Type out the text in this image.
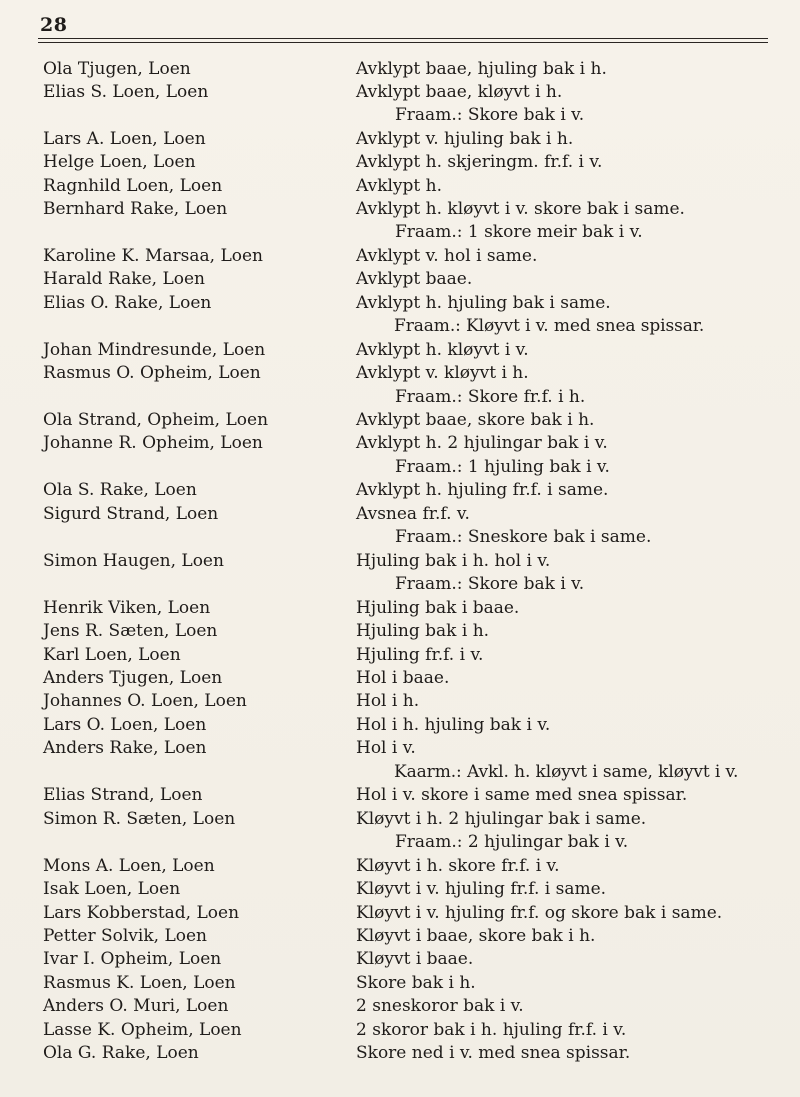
28
Ola Tjugen, Loen	Avklypt baae, hjuling bak i h.
Elias S. Loen, Loen	Avklypt baae, kløyvt i h.
Fraam.: Skore bak i v.
Lars A. Loen, Loen	Avklypt v. hjuling bak i h.
Helge Loen, Loen	Avklypt h. skjeringm. fr.f. i v.
Ragnhild Loen, Loen	Avklypt h.
Bernhard Rake, Loen	Avklypt h. kløyvt i v. skore bak i same.
Fraam.: 1 skore meir bak i v.
Karoline K. Marsaa, Loen	Avklypt v. hol i same.
Harald Rake, Loen	Avklypt baae.
Elias O. Rake, Loen	Avklypt h. hjuling bak i same.
Fraam.: Kløyvt i v. med snea spissar.
Johan Mindresunde, Loen	Avklypt h. kløyvt i v.
Rasmus O. Opheim, Loen	Avklypt v. kløyvt i h.
Fraam.: Skore fr.f. i h.
Ola Strand, Opheim, Loen	Avklypt baae, skore bak i h.
Johanne R. Opheim, Loen	Avklypt h. 2 hjulingar bak i v.
Fraam.: 1 hjuling bak i v.
Ola S. Rake, Loen	Avklypt h. hjuling fr.f. i same.
Sigurd Strand, Loen	Avsnea fr.f. v.
Fraam.: Sneskore bak i same.
Simon Haugen, Loen	Hjuling bak i h. hol i v.
Fraam.: Skore bak i v.
Henrik Viken, Loen	Hjuling bak i baae.
Jens R. Sæten, Loen	Hjuling bak i h.
Karl Loen, Loen	Hjuling fr.f. i v.
Anders Tjugen, Loen	Hol i baae.
Johannes O. Loen, Loen	Hol i h.
Lars O. Loen, Loen	Hol i h. hjuling bak i v.
Anders Rake, Loen	Hol i v.
Kaarm.: Avkl. h. kløyvt i same, kløyvt i v.
Elias Strand, Loen	Hol i v. skore i same med snea spissar.
Simon R. Sæten, Loen	Kløyvt i h. 2 hjulingar bak i same.
Fraam.: 2 hjulingar bak i v.
Mons A. Loen, Loen	Kløyvt i h. skore fr.f. i v.
Isak Loen, Loen	Kløyvt i v. hjuling fr.f. i same.
Lars Kobberstad, Loen	Kløyvt i v. hjuling fr.f. og skore bak i same.
Petter Solvik, Loen	Kløyvt i baae, skore bak i h.
Ivar I. Opheim, Loen	Kløyvt i baae.
Rasmus K. Loen, Loen	Skore bak i h.
Anders O. Muri, Loen	2 sneskoror bak i v.
Lasse K. Opheim, Loen	2 skoror bak i h. hjuling fr.f. i v.
Ola G. Rake, Loen	Skore ned i v. med snea spissar.
